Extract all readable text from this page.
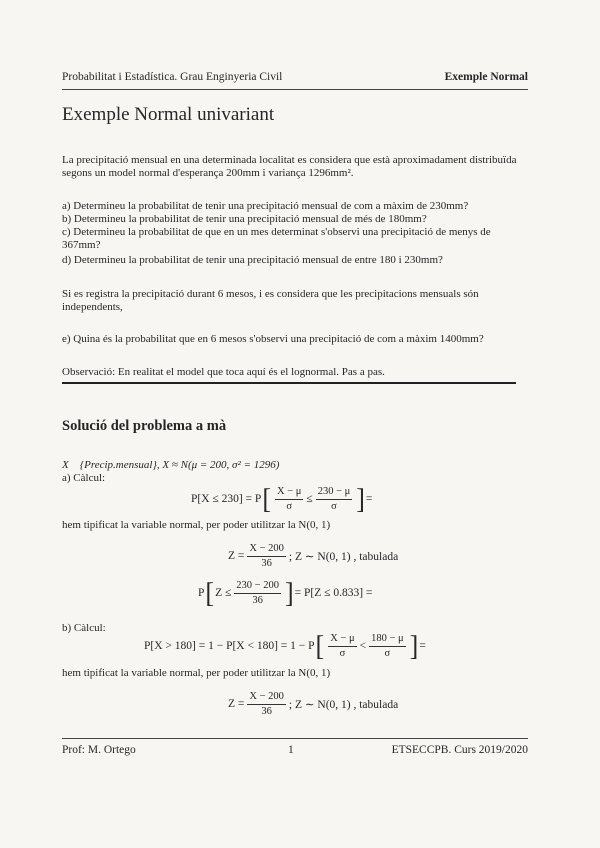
Probabilitat i Estadística. Grau Enginyeria Civil	Exemple Normal
Exemple Normal univariant
La precipitació mensual en una determinada localitat es considera que està aproximadament distribuïda segons un model normal d'esperança 200mm i variança 1296mm².
a) Determineu la probabilitat de tenir una precipitació mensual de com a màxim de 230mm?
b) Determineu la probabilitat de tenir una precipitació mensual de més de 180mm?
c) Determineu la probabilitat de que en un mes determinat s'observi una precipitació de menys de 367mm?
d) Determineu la probabilitat de tenir una precipitació mensual de entre 180 i 230mm?
Si es registra la precipitació durant 6 mesos, i es considera que les precipitacions mensuals són independents,
e) Quina és la probabilitat que en 6 mesos s'observi una precipitació de com a màxim 1400mm?
Observació: En realitat el model que toca aquí és el lognormal. Pas a pas.
Solució del problema a mà
X {Precip.mensual}, X ≈ N(μ = 200, σ² = 1296)
a) Càlcul:
P[X ≤ 230] = P [ $\frac{X - \mu}{\sigma} \le \frac{230 - \mu}{\sigma}$ ] =
hem tipificat la variable normal, per poder utilitzar la N(0, 1)
$Z = \frac{X - 200}{36}$ ; Z ∼ N(0, 1) , tabulada
P [ $Z \le \frac{230 - 200}{36}$ ] = P[Z ≤ 0.833] =
b) Càlcul:
P[X > 180] = 1 − P[X < 180] = 1 − P [ $\frac{X - \mu}{\sigma} < \frac{180 - \mu}{\sigma}$ ] =
hem tipificat la variable normal, per poder utilitzar la N(0, 1)
$Z = \frac{X - 200}{36}$ ; Z ∼ N(0, 1) , tabulada
Prof: M. Ortego	1	ETSECCPB. Curs 2019/2020
